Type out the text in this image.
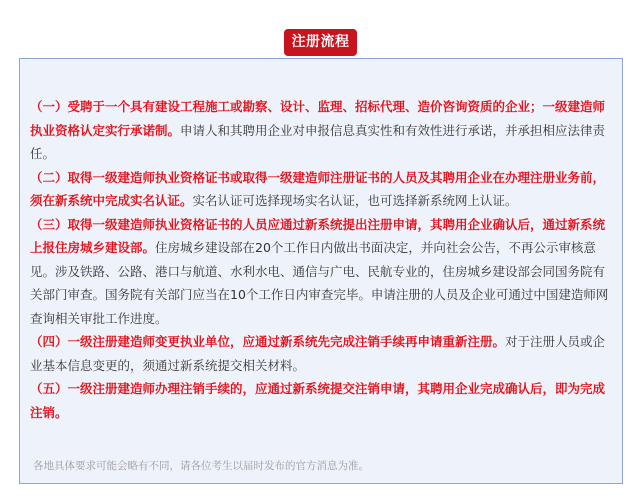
注册流程

（一）受聘于一个具有建设工程施工或勘察、设计、监理、招标代理、造价咨询资质的企业；一级建造师执业资格认定实行承诺制。申请人和其聘用企业对申报信息真实性和有效性进行承诺，并承担相应法律责任。

（二）取得一级建造师执业资格证书或取得一级建造师注册证书的人员及其聘用企业在办理注册业务前，须在新系统中完成实名认证。实名认证可选择现场实名认证，也可选择新系统网上认证。

（三）取得一级建造师执业资格证书的人员应通过新系统提出注册申请，其聘用企业确认后，通过新系统上报住房城乡建设部。住房城乡建设部在20个工作日内做出书面决定，并向社会公告，不再公示审核意见。涉及铁路、公路、港口与航道、水利水电、通信与广电、民航专业的，住房城乡建设部会同国务院有关部门审查。国务院有关部门应当在10个工作日内审查完毕。申请注册的人员及企业可通过中国建造师网查询相关审批工作进度。

（四）一级注册建造师变更执业单位，应通过新系统先完成注销手续再申请重新注册。对于注册人员或企业基本信息变更的，须通过新系统提交相关材料。

（五）一级注册建造师办理注销手续的，应通过新系统提交注销申请，其聘用企业完成确认后，即为完成注销。

各地具体要求可能会略有不同，请各位考生以届时发布的官方消息为准。
